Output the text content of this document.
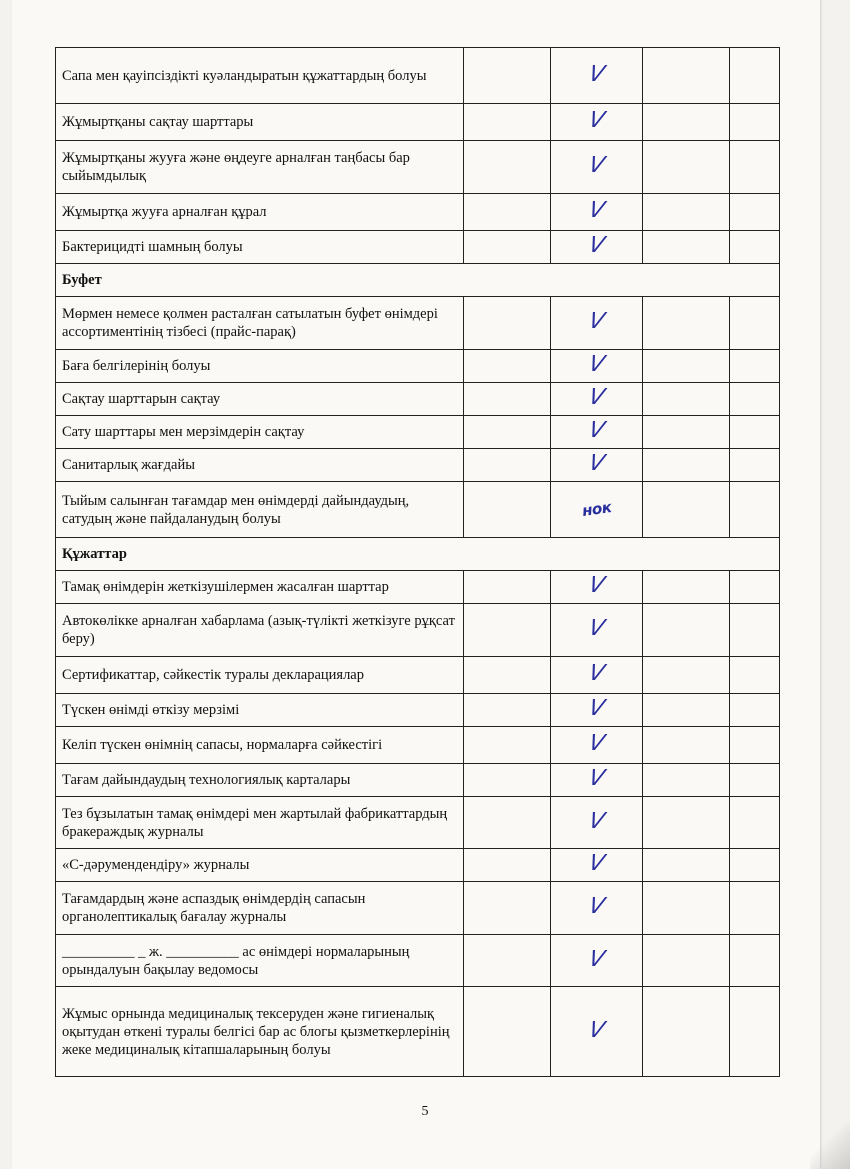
Сапа мен қауіпсіздікті куәландыратын құжаттардың болуы		V		
Жұмыртқаны сақтау шарттары		V		
Жұмыртқаны жууға және өңдеуге арналған таңбасы бар сыйымдылық		V		
Жұмыртқа жууға арналған құрал		V		
Бактерицидті шамның болуы		V		
Буфет				
Мөрмен немесе қолмен расталған сатылатын буфет өнімдері ассортиментінің тізбесі (прайс-парақ)		V		
Баға белгілерінің болуы		V		
Сақтау шарттарын сақтау		V		
Сату шарттары мен мерзімдерін сақтау		V		
Санитарлық жағдайы		V		
Тыйым салынған тағамдар мен өнімдерді дайындаудың, сатудың және пайдаланудың болуы		нок		
Құжаттар				
Тамақ өнімдерін жеткізушілермен жасалған шарттар		V		
Автокөлікке арналған хабарлама (азық-түлікті жеткізуге рұқсат беру)		V		
Сертификаттар, сәйкестік туралы декларациялар		V		
Түскен өнімді өткізу мерзімі		V		
Келіп түскен өнімнің сапасы, нормаларға сәйкестігі		V		
Тағам дайындаудың технологиялық карталары		V		
Тез бұзылатын тамақ өнімдері мен жартылай фабрикаттардың бракераждық журналы		V		
«С-дәрумендендіру» журналы		V		
Тағамдардың және аспаздық өнімдердің сапасын органолептикалық бағалау журналы		V		
__________ _ ж. __________ ас өнімдері нормаларының орындалуын бақылау ведомосы		V		
Жұмыс орнында медициналық тексеруден және гигиеналық оқытудан өткені туралы белгісі бар ас блогы қызметкерлерінің жеке медициналық кітапшаларының болуы		V		
5
